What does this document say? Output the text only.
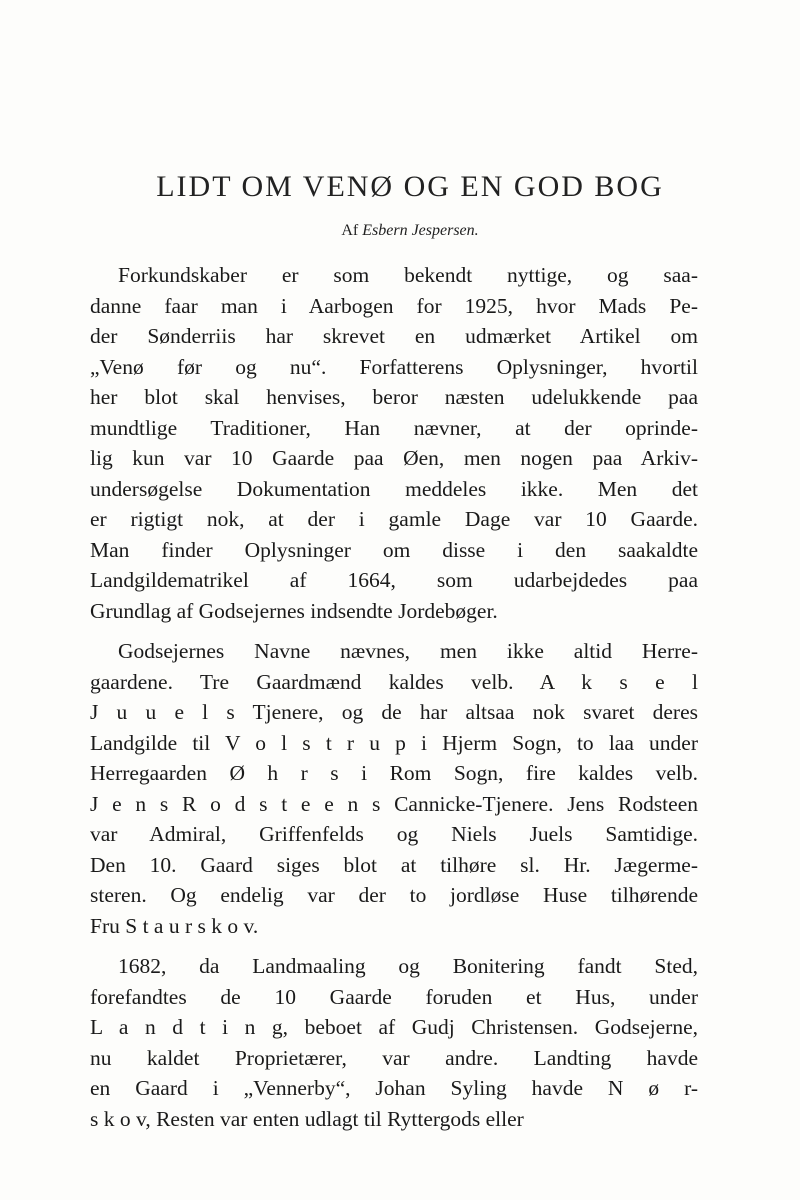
LIDT OM VENØ OG EN GOD BOG
Af Esbern Jespersen.
Forkundskaber er som bekendt nyttige, og saa-
danne faar man i Aarbogen for 1925, hvor Mads Pe-
der Sønderriis har skrevet en udmærket Artikel om
„Venø før og nu“. Forfatterens Oplysninger, hvortil
her blot skal henvises, beror næsten udelukkende paa
mundtlige Traditioner, Han nævner, at der oprinde-
lig kun var 10 Gaarde paa Øen, men nogen paa Arkiv-
undersøgelse Dokumentation meddeles ikke. Men det
er rigtigt nok, at der i gamle Dage var 10 Gaarde.
Man finder Oplysninger om disse i den saakaldte
Landgildematrikel af 1664, som udarbejdedes paa
Grundlag af Godsejernes indsendte Jordebøger.
Godsejernes Navne nævnes, men ikke altid Herre-
gaardene. Tre Gaardmænd kaldes velb. A k s e l
J u u e l s Tjenere, og de har altsaa nok svaret deres
Landgilde til V o l s t r u p i Hjerm Sogn, to laa under
Herregaarden Ø h r s i Rom Sogn, fire kaldes velb.
J e n s R o d s t e e n s Cannicke-Tjenere. Jens Rodsteen
var Admiral, Griffenfelds og Niels Juels Samtidige.
Den 10. Gaard siges blot at tilhøre sl. Hr. Jægerme-
steren. Og endelig var der to jordløse Huse tilhørende
Fru S t a u r s k o v.
1682, da Landmaaling og Bonitering fandt Sted,
forefandtes de 10 Gaarde foruden et Hus, under
L a n d t i n g, beboet af Gudj Christensen. Godsejerne,
nu kaldet Proprietærer, var andre. Landting havde
en Gaard i „Vennerby“, Johan Syling havde N ø r-
s k o v, Resten var enten udlagt til Ryttergods eller
